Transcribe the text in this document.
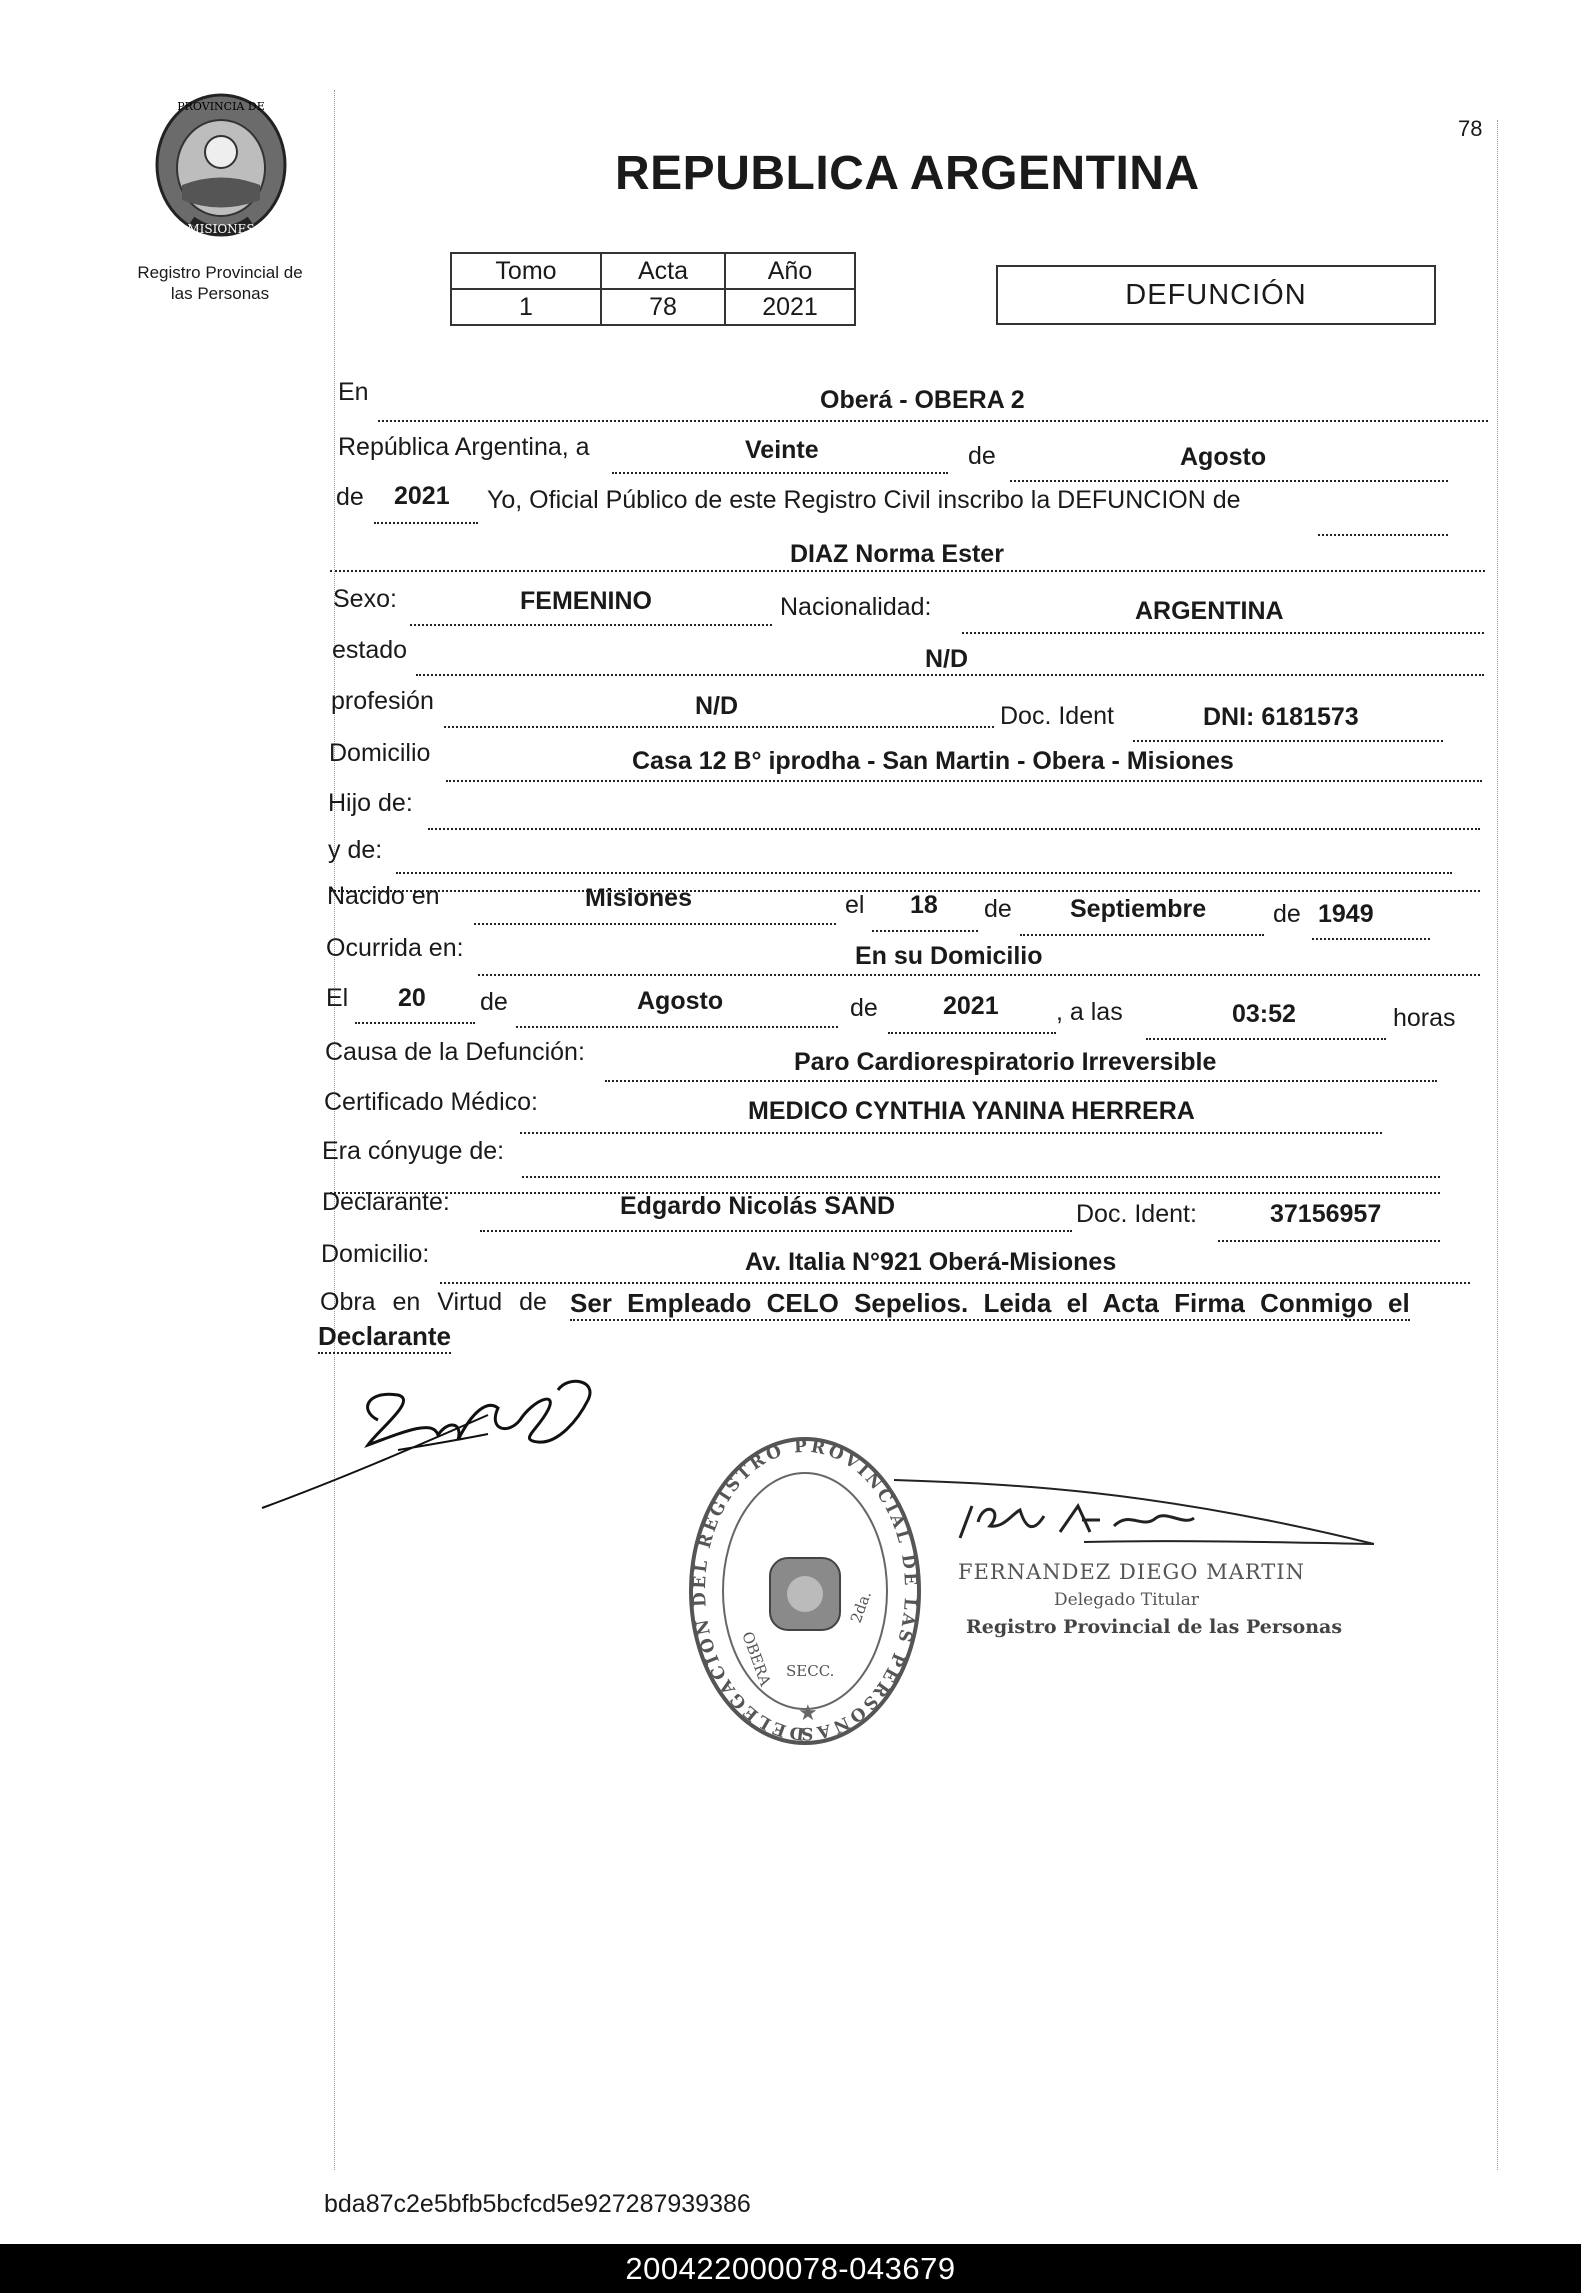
PROVINCIA DE
MISIONES
Registro Provincial de
las Personas
78
REPUBLICA ARGENTINA
Tomo	Acta	Año
1	78	2021	DEFUNCIÓN
En	Oberá - OBERA 2
República Argentina, a	Veinte	de	Agosto
de 2021 Yo, Oficial Público de este Registro Civil inscribo la DEFUNCION de
DIAZ Norma Ester
Sexo:	FEMENINO	Nacionalidad:	ARGENTINA
estado	N/D
profesión	N/D	Doc. Ident	DNI: 6181573
Domicilio	Casa 12 B° iprodha - San Martin - Obera - Misiones
Hijo de:
y de:
Nacido en	Misiones	el 18 de Septiembre	de 1949
Ocurrida en:	En su Domicilio
El 20 de	Agosto	de	2021 , a las	03:52	horas
Causa de la Defunción:	Paro Cardiorespiratorio Irreversible
Certificado Médico:	MEDICO CYNTHIA YANINA HERRERA
Era cónyuge de:
Declarante:	Edgardo Nicolás SAND	Doc. Ident:	37156957
Domicilio:	Av. Italia N°921 Oberá-Misiones
Obra en Virtud de Ser Empleado CELO Sepelios. Leida el Acta Firma Conmigo el
Declarante
DELEGACION DEL REGISTRO PROVINCIAL DE LAS PERSONAS
OBERA
2da.
SECC.
★
FERNANDEZ DIEGO MARTIN
Delegado Titular
Registro Provincial de las Personas
bda87c2e5bfb5bcfcd5e927287939386
200422000078-043679
